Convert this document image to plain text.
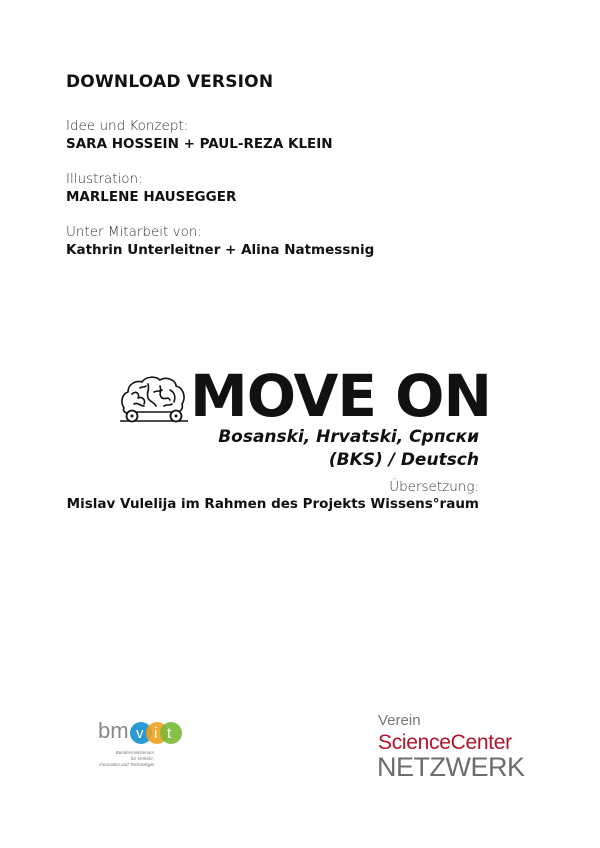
DOWNLOAD VERSION
Idee und Konzept:
SARA HOSSEIN + PAUL-REZA KLEIN
Illustration:
MARLENE HAUSEGGER
Unter Mitarbeit von:
Kathrin Unterleitner + Alina Natmessnig
MOVE ON
Bosanski, Hrvatski, Српски
(BKS) / Deutsch
Übersetzung:
Mislav Vulelija im Rahmen des Projekts Wissens°raum
bm v i t
Bundesministerium
für Verkehr,
Innovation und Technologie
Verein
ScienceCenter
NETZWERK
